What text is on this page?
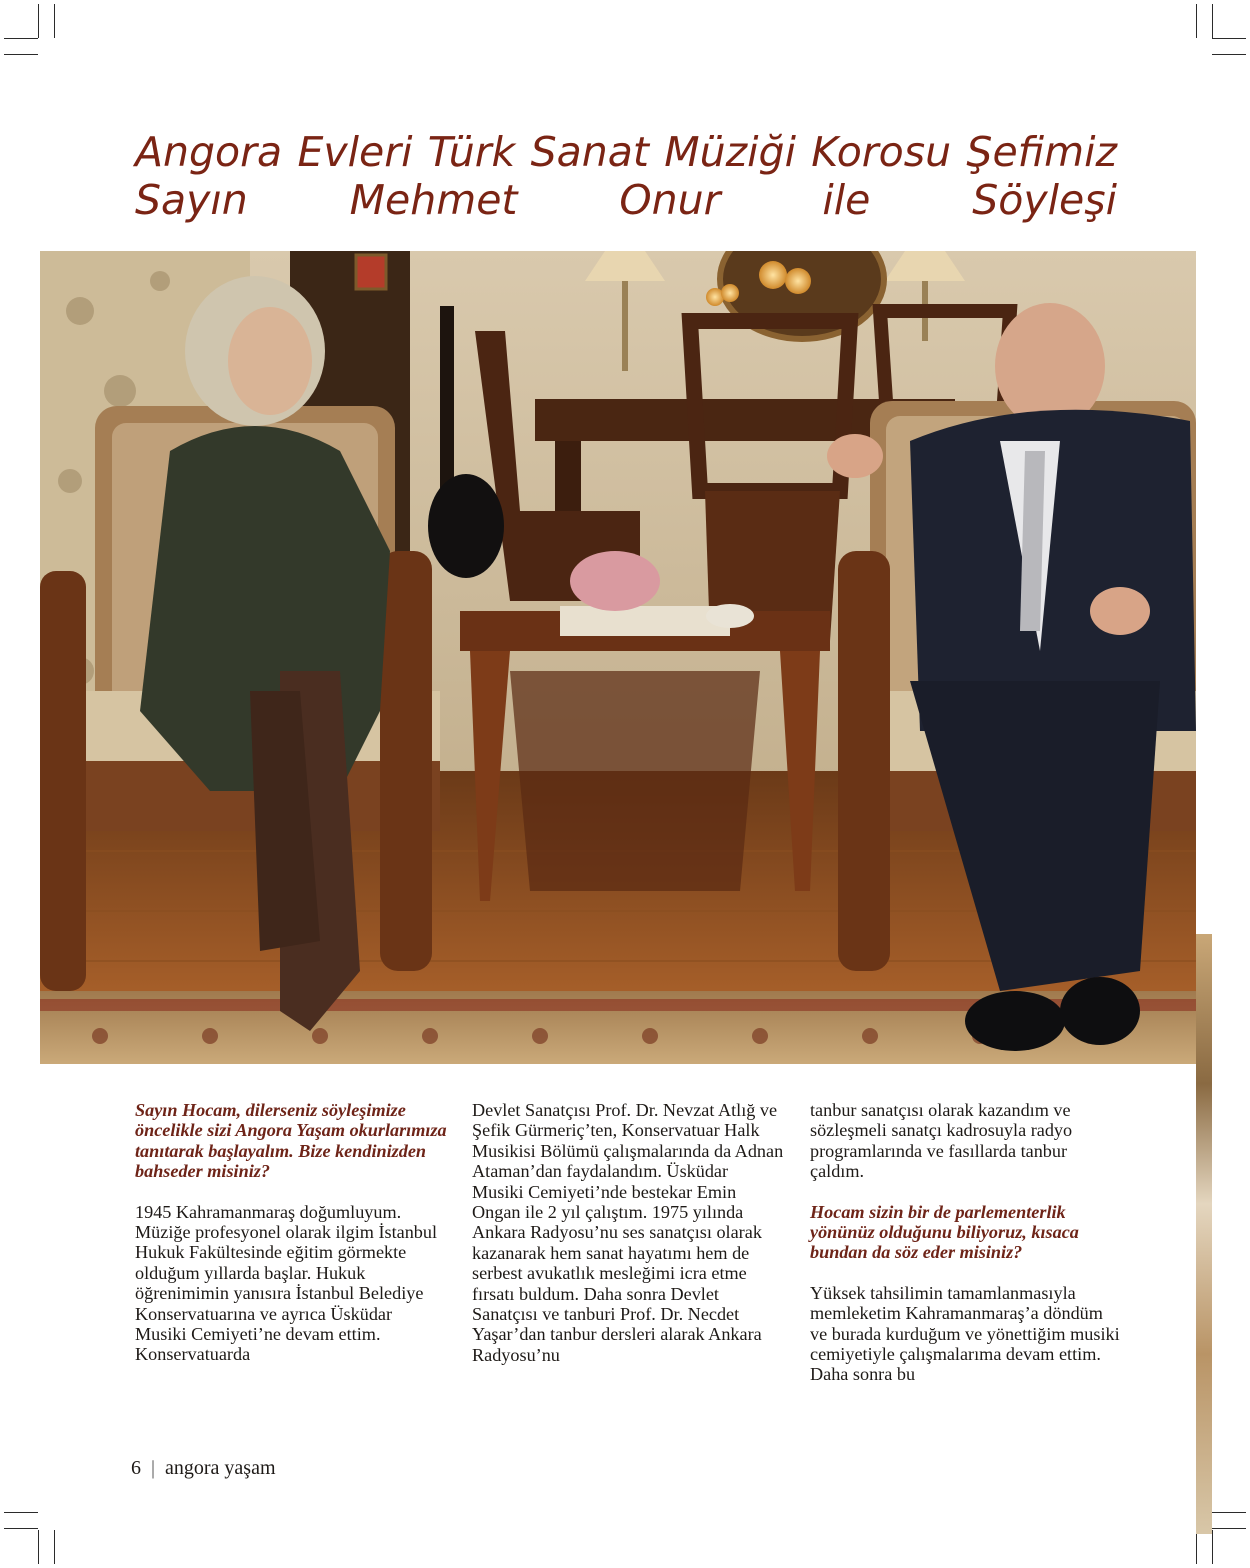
Angora Evleri Türk Sanat Müziği Korosu Şefimiz Sayın Mehmet Onur ile Söyleşi

Sayın Hocam, dilerseniz söyleşimize öncelikle sizi Angora Yaşam okurlarımıza tanıtarak başlayalım. Bize kendinizden bahseder misiniz?

1945 Kahramanmaraş doğumluyum. Müziğe profesyonel olarak ilgim İstanbul Hukuk Fakültesinde eğitim görmekte olduğum yıllarda başlar. Hukuk öğrenimimin yanısıra İstanbul Belediye Konservatuarına ve ayrıca Üsküdar Musiki Cemiyeti’ne devam ettim. Konservatuarda

Devlet Sanatçısı Prof. Dr. Nevzat Atlığ ve Şefik Gürmeriç’ten, Konservatuar Halk Musikisi Bölümü çalışmalarında da Adnan Ataman’dan faydalandım. Üsküdar Musiki Cemiyeti’nde bestekar Emin Ongan ile 2 yıl çalıştım. 1975 yılında Ankara Radyosu’nu ses sanatçısı olarak kazanarak hem sanat hayatımı hem de serbest avukatlık mesleğimi icra etme fırsatı buldum. Daha sonra Devlet Sanatçısı ve tanburi Prof. Dr. Necdet Yaşar’dan tanbur dersleri alarak Ankara Radyosu’nu

tanbur sanatçısı olarak kazandım ve sözleşmeli sanatçı kadrosuyla radyo programlarında ve fasıllarda tanbur çaldım.

Hocam sizin bir de parlementerlik yönünüz olduğunu biliyoruz, kısaca bundan da söz eder misiniz?

Yüksek tahsilimin tamamlanmasıyla memleketim Kahramanmaraş’a döndüm ve burada kurduğum ve yönettiğim musiki cemiyetiyle çalışmalarıma devam ettim. Daha sonra bu

6 | angora yaşam
